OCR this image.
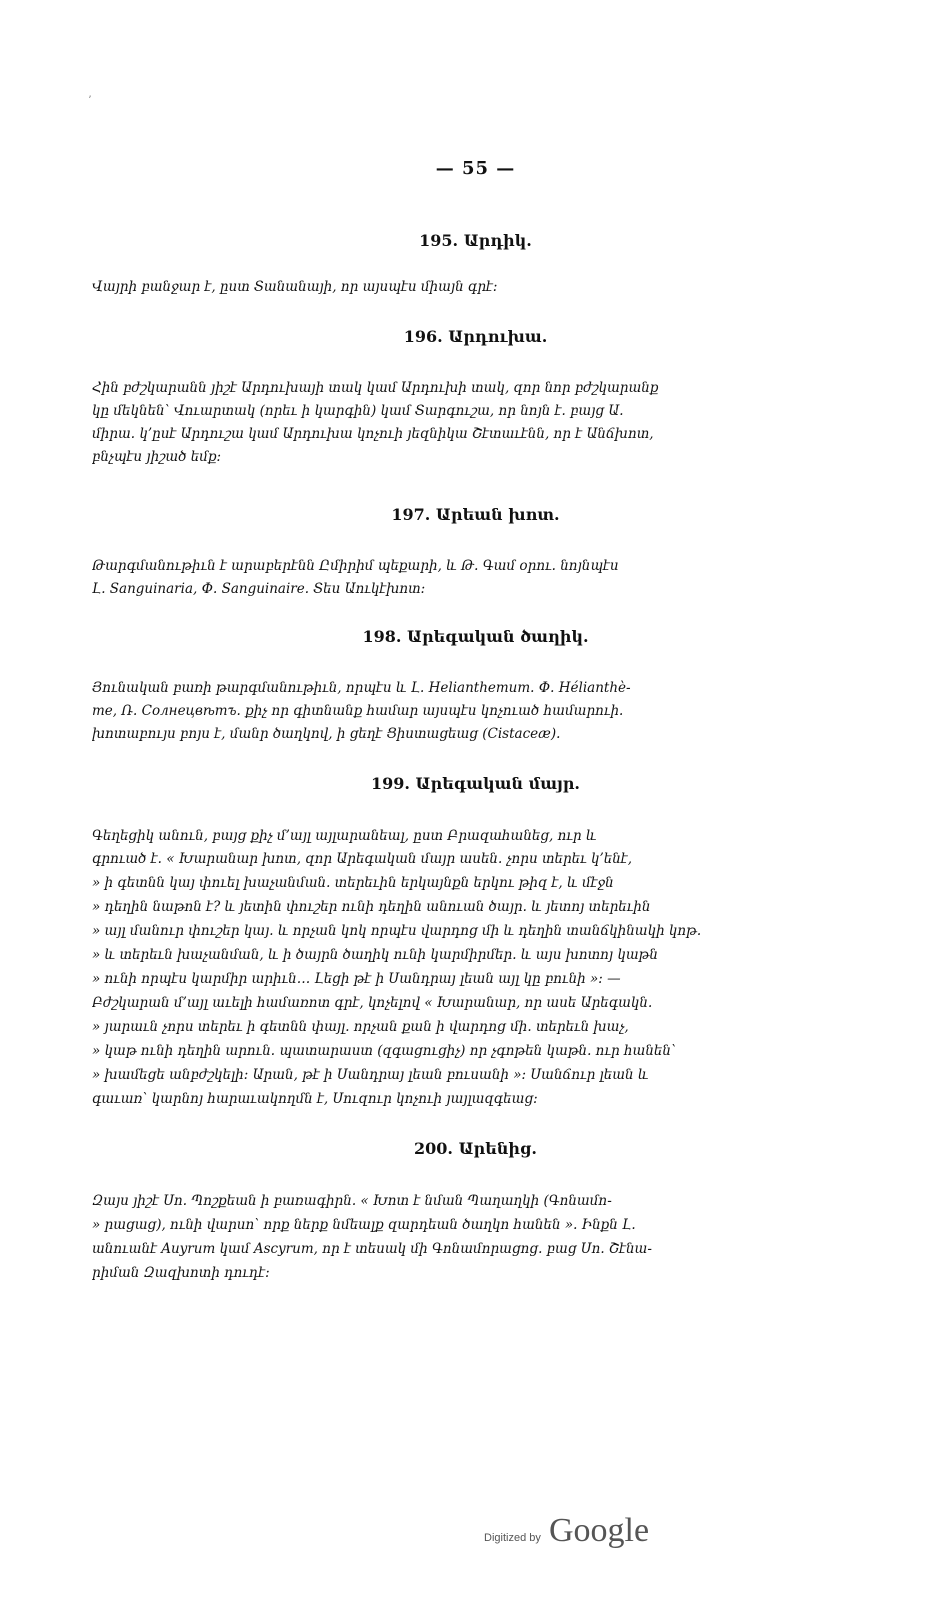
ʼ
— 55 —
195. Արդիկ.
Վայրի բանջար է, ըստ Տանանայի, որ այսպէս միայն գրէ:
196. Արդուխա.
Հին բժշկարանն յիշէ Արդուխայի տակ կամ Արդուխի տակ, զոր նոր բժշկարանք
կը մեկնեն՝ Վուարտակ (որեւ ի կարգին) կամ Տարգուշա, որ նոյն է. բայց Ա.
միրա. կ’ըսէ Արդուշա կամ Արդուխա կոչուի յեզնիկա Շէտաւէնն, որ է Անճխոտ,
բնչպէս յիշած եմք:
197. Արեան խոտ.
Թարգմանութիւն է արաբերէնն Ըմիրիմ պեքարի, և Թ. Գամ օրու. նոյնպէս
Լ. Sanguinaria, Փ. Sanguinaire. Տես Աուկէխոտ:
198. Արեգական ծաղիկ.
Յունական բառի թարգմանութիւն, որպէս և Լ. Helianthemum. Փ. Hélianthè-
me, Ռ. Солнецвѣтъ. քիչ որ գիտնանք համար այսպէս կոչուած համարուի.
խոտաբույս բոյս է, մանր ծաղկով, ի ցեղէ Ցիստացեաց (Cistaceæ).
199. Արեգական մայր.
Գեղեցիկ անուն, բայց քիչ մ’այլ այլարանեալ, ըստ Բրազահանեց, ուր և
գրուած է. « Խարանար խոտ, զոր Արեգական մայր ասեն. չորս տերեւ կ’ենէ,
» ի գետնն կայ փուել խաչանման. տերեւին երկայնքն երկու թիզ է, և մէջն
» դեղին նաթոն է? և յետին փուշեր ունի դեղին անուան ծայր. և յետոյ տերեւին
» այլ մանուր փուշեր կայ. և որչան կոկ որպէս վարդոց մի և դեղին տանճկինակի կոթ.
» և տերեւն խաչանման, և ի ծայրն ծաղիկ ունի կարմիրմեր. և այս խոտոյ կաթն
» ունի որպէս կարմիր արիւն… Լեցի թէ ի Սանդրայ լեան այլ կը բունի »: —
Բժշկարան մ’այլ աւելի համառոտ գրէ, կոչելով « Խարանար, որ ասե Արեգակն.
» յարաւն չորս տերեւ ի գետնն փայլ. որչան քան ի վարդոց մի. տերեւն խաչ,
» կաթ ունի դեղին արուն. պատարաստ (զգացուցիչ) որ չգոթեն կաթն. ուր հանեն՝
» խամեցե անբժշկելի: Արան, թէ ի Սանդրայ լեան բուսանի »: Սանճուր լեան և
գաւառ՝ կարնոյ հարաւակողմն է, Սուզուր կոչուի յայլազգեաց:
200. Արենից.
Զայս յիշէ Սո. Պոշքեան ի բառագիրն. « Խոտ է նման Պաղաղկի (Գոնամո-
» րացաց), ունի վարսո՝ որք ներք նմեալք զարդեան ծաղկո հանեն ». Ինքն Լ.
անուանէ Auyrum կամ Ascyrum, որ է տեսակ մի Գոնամորացոց. բաց Սո. Շէնա-
րիման Զազխոտի դուդէ:
Digitized by Google
